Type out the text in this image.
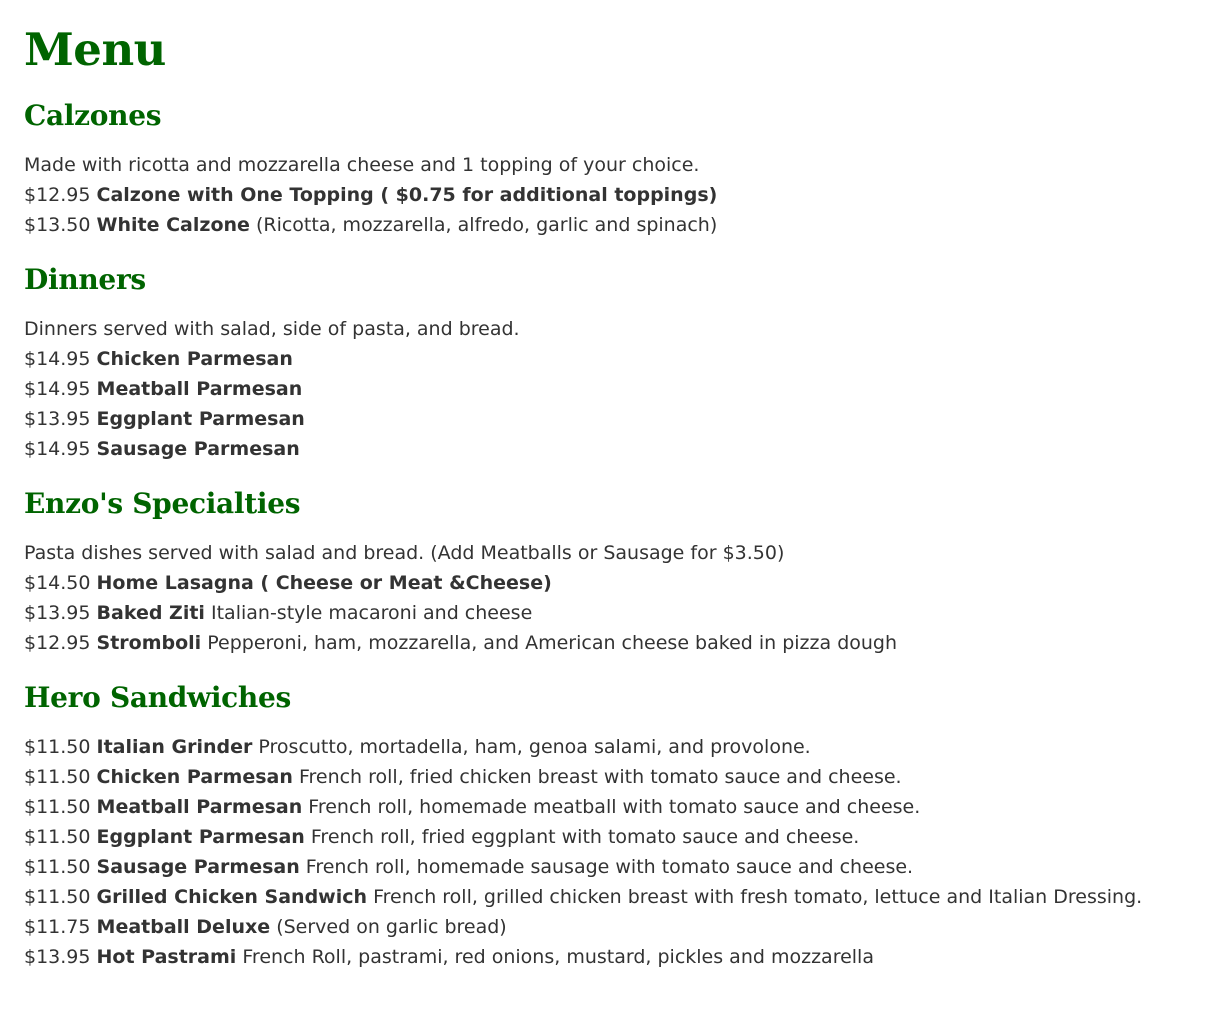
Menu
Calzones
Made with ricotta and mozzarella cheese and 1 topping of your choice.
$12.95 Calzone with One Topping ( $0.75 for additional toppings)
$13.50 White Calzone (Ricotta, mozzarella, alfredo, garlic and spinach)
Dinners
Dinners served with salad, side of pasta, and bread.
$14.95 Chicken Parmesan
$14.95 Meatball Parmesan
$13.95 Eggplant Parmesan
$14.95 Sausage Parmesan
Enzo's Specialties
Pasta dishes served with salad and bread. (Add Meatballs or Sausage for $3.50)
$14.50 Home Lasagna ( Cheese or Meat &Cheese)
$13.95 Baked Ziti Italian-style macaroni and cheese
$12.95 Stromboli Pepperoni, ham, mozzarella, and American cheese baked in pizza dough
Hero Sandwiches
$11.50 Italian Grinder Proscutto, mortadella, ham, genoa salami, and provolone.
$11.50 Chicken Parmesan French roll, fried chicken breast with tomato sauce and cheese.
$11.50 Meatball Parmesan French roll, homemade meatball with tomato sauce and cheese.
$11.50 Eggplant Parmesan French roll, fried eggplant with tomato sauce and cheese.
$11.50 Sausage Parmesan French roll, homemade sausage with tomato sauce and cheese.
$11.50 Grilled Chicken Sandwich French roll, grilled chicken breast with fresh tomato, lettuce and Italian Dressing.
$11.75 Meatball Deluxe (Served on garlic bread)
$13.95 Hot Pastrami French Roll, pastrami, red onions, mustard, pickles and mozzarella
